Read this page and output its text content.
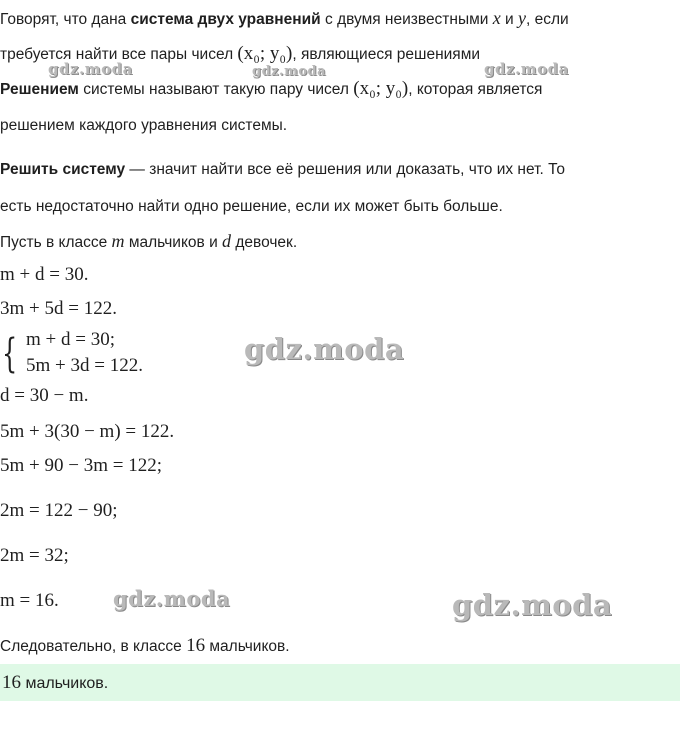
Говорят, что дана система двух уравнений с двумя неизвестными x и y, если
требуется найти все пары чисел (x₀; y₀), являющиеся решениями
Решением системы называют такую пару чисел (x₀; y₀), которая является
решением каждого уравнения системы.
Решить систему — значит найти все её решения или доказать, что их нет. То
есть недостаточно найти одно решение, если их может быть больше.
Пусть в классе m мальчиков и d девочек.
m + d = 30.
3m + 5d = 122.
{ m + d = 30;
5m + 3d = 122.
d = 30 − m.
5m + 3(30 − m) = 122.
5m + 90 − 3m = 122;
2m = 122 − 90;
2m = 32;
m = 16.
Следовательно, в классе 16 мальчиков.
16 мальчиков.
gdz.moda	gdz.moda	gdz.moda
gdz.moda
gdz.moda	gdz.moda
